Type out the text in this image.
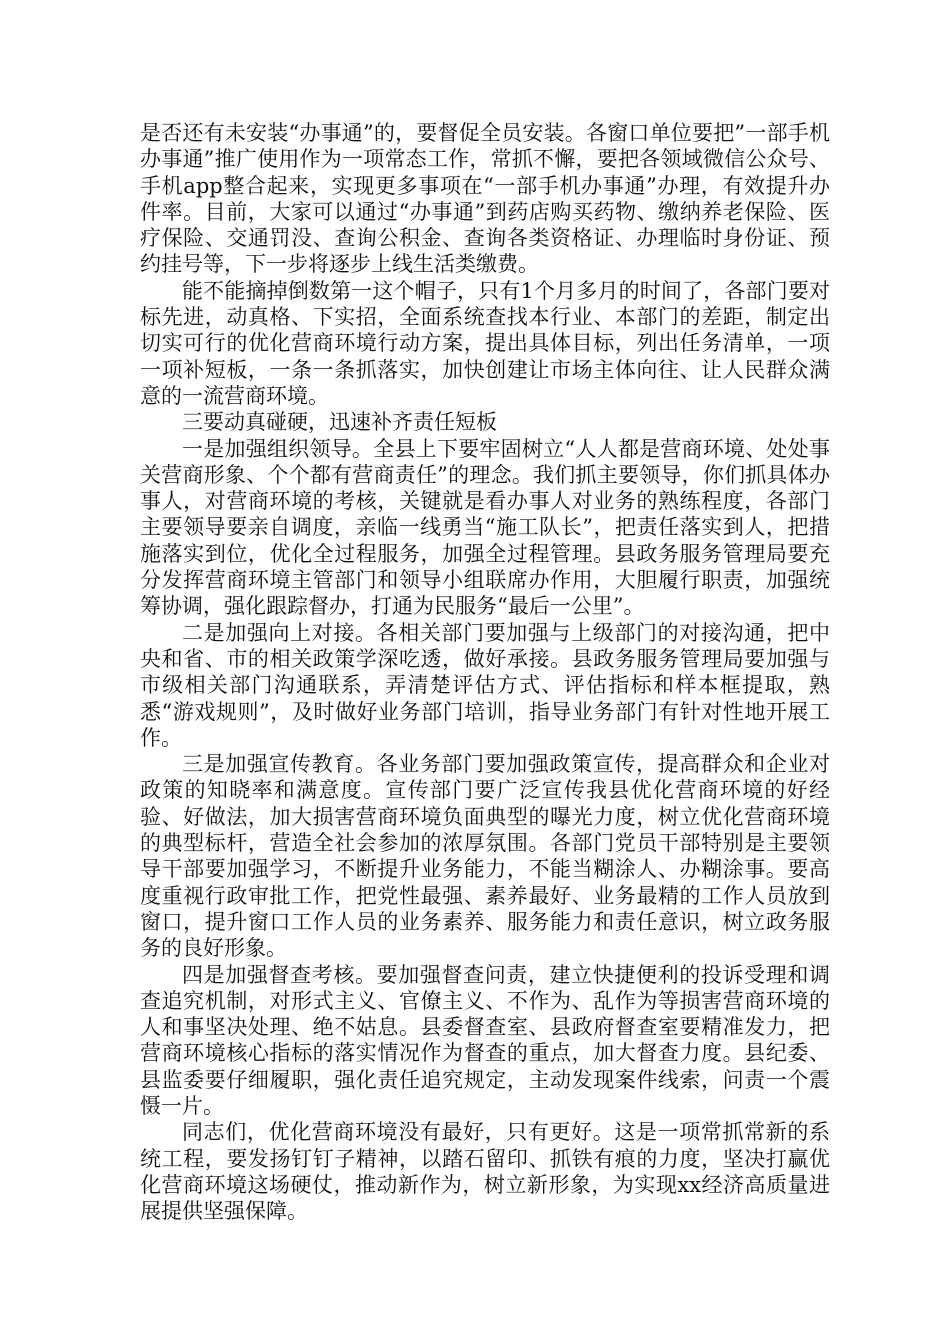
是否还有未安装“办事通”的，要督促全员安装。各窗口单位要把”一部手机办事通”推广使用作为一项常态工作，常抓不懈，要把各领域微信公众号、手机app整合起来，实现更多事项在“一部手机办事通”办理，有效提升办件率。目前，大家可以通过“办事通”到药店购买药物、缴纳养老保险、医疗保险、交通罚没、查询公积金、查询各类资格证、办理临时身份证、预约挂号等，下一步将逐步上线生活类缴费。

能不能摘掉倒数第一这个帽子，只有1个月多月的时间了，各部门要对标先进，动真格、下实招，全面系统查找本行业、本部门的差距，制定出切实可行的优化营商环境行动方案，提出具体目标，列出任务清单，一项一项补短板，一条一条抓落实，加快创建让市场主体向往、让人民群众满意的一流营商环境。

三要动真碰硬，迅速补齐责任短板

一是加强组织领导。全县上下要牢固树立“人人都是营商环境、处处事关营商形象、个个都有营商责任”的理念。我们抓主要领导，你们抓具体办事人，对营商环境的考核，关键就是看办事人对业务的熟练程度，各部门主要领导要亲自调度，亲临一线勇当“施工队长”，把责任落实到人，把措施落实到位，优化全过程服务，加强全过程管理。县政务服务管理局要充分发挥营商环境主管部门和领导小组联席办作用，大胆履行职责，加强统筹协调，强化跟踪督办，打通为民服务“最后一公里”。

二是加强向上对接。各相关部门要加强与上级部门的对接沟通，把中央和省、市的相关政策学深吃透，做好承接。县政务服务管理局要加强与市级相关部门沟通联系，弄清楚评估方式、评估指标和样本框提取，熟悉“游戏规则”，及时做好业务部门培训，指导业务部门有针对性地开展工作。

三是加强宣传教育。各业务部门要加强政策宣传，提高群众和企业对政策的知晓率和满意度。宣传部门要广泛宣传我县优化营商环境的好经验、好做法，加大损害营商环境负面典型的曝光力度，树立优化营商环境的典型标杆，营造全社会参加的浓厚氛围。各部门党员干部特别是主要领导干部要加强学习，不断提升业务能力，不能当糊涂人、办糊涂事。要高度重视行政审批工作，把党性最强、素养最好、业务最精的工作人员放到窗口，提升窗口工作人员的业务素养、服务能力和责任意识，树立政务服务的良好形象。

四是加强督查考核。要加强督查问责，建立快捷便利的投诉受理和调查追究机制，对形式主义、官僚主义、不作为、乱作为等损害营商环境的人和事坚决处理、绝不姑息。县委督查室、县政府督查室要精准发力，把营商环境核心指标的落实情况作为督查的重点，加大督查力度。县纪委、县监委要仔细履职，强化责任追究规定，主动发现案件线索，问责一个震慑一片。

同志们，优化营商环境没有最好，只有更好。这是一项常抓常新的系统工程，要发扬钉钉子精神，以踏石留印、抓铁有痕的力度，坚决打赢优化营商环境这场硬仗，推动新作为，树立新形象，为实现xx经济高质量进展提供坚强保障。
